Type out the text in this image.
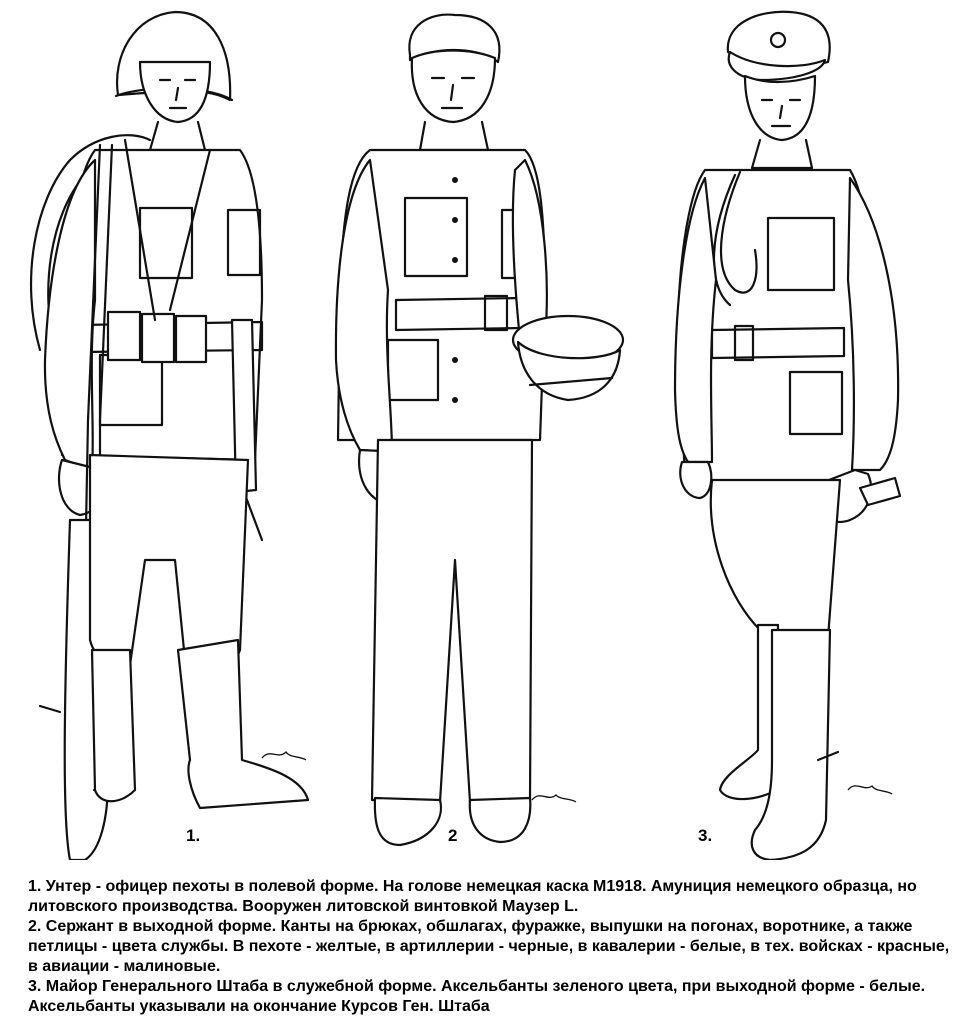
1.	2	3.

1. Унтер - офицер пехоты в полевой форме. На голове немецкая каска М1918. Амуниция немецкого образца, но литовского производства. Вооружен литовской винтовкой Маузер L.

2. Сержант в выходной форме. Канты на брюках, обшлагах, фуражке, выпушки на погонах, воротнике, а также петлицы - цвета службы. В пехоте - желтые, в артиллерии - черные, в кавалерии - белые, в тех. войсках - красные, в авиации - малиновые.

3. Майор Генерального Штаба в служебной форме. Аксельбанты зеленого цвета, при выходной форме - белые. Аксельбанты указывали на окончание Курсов Ген. Штаба
